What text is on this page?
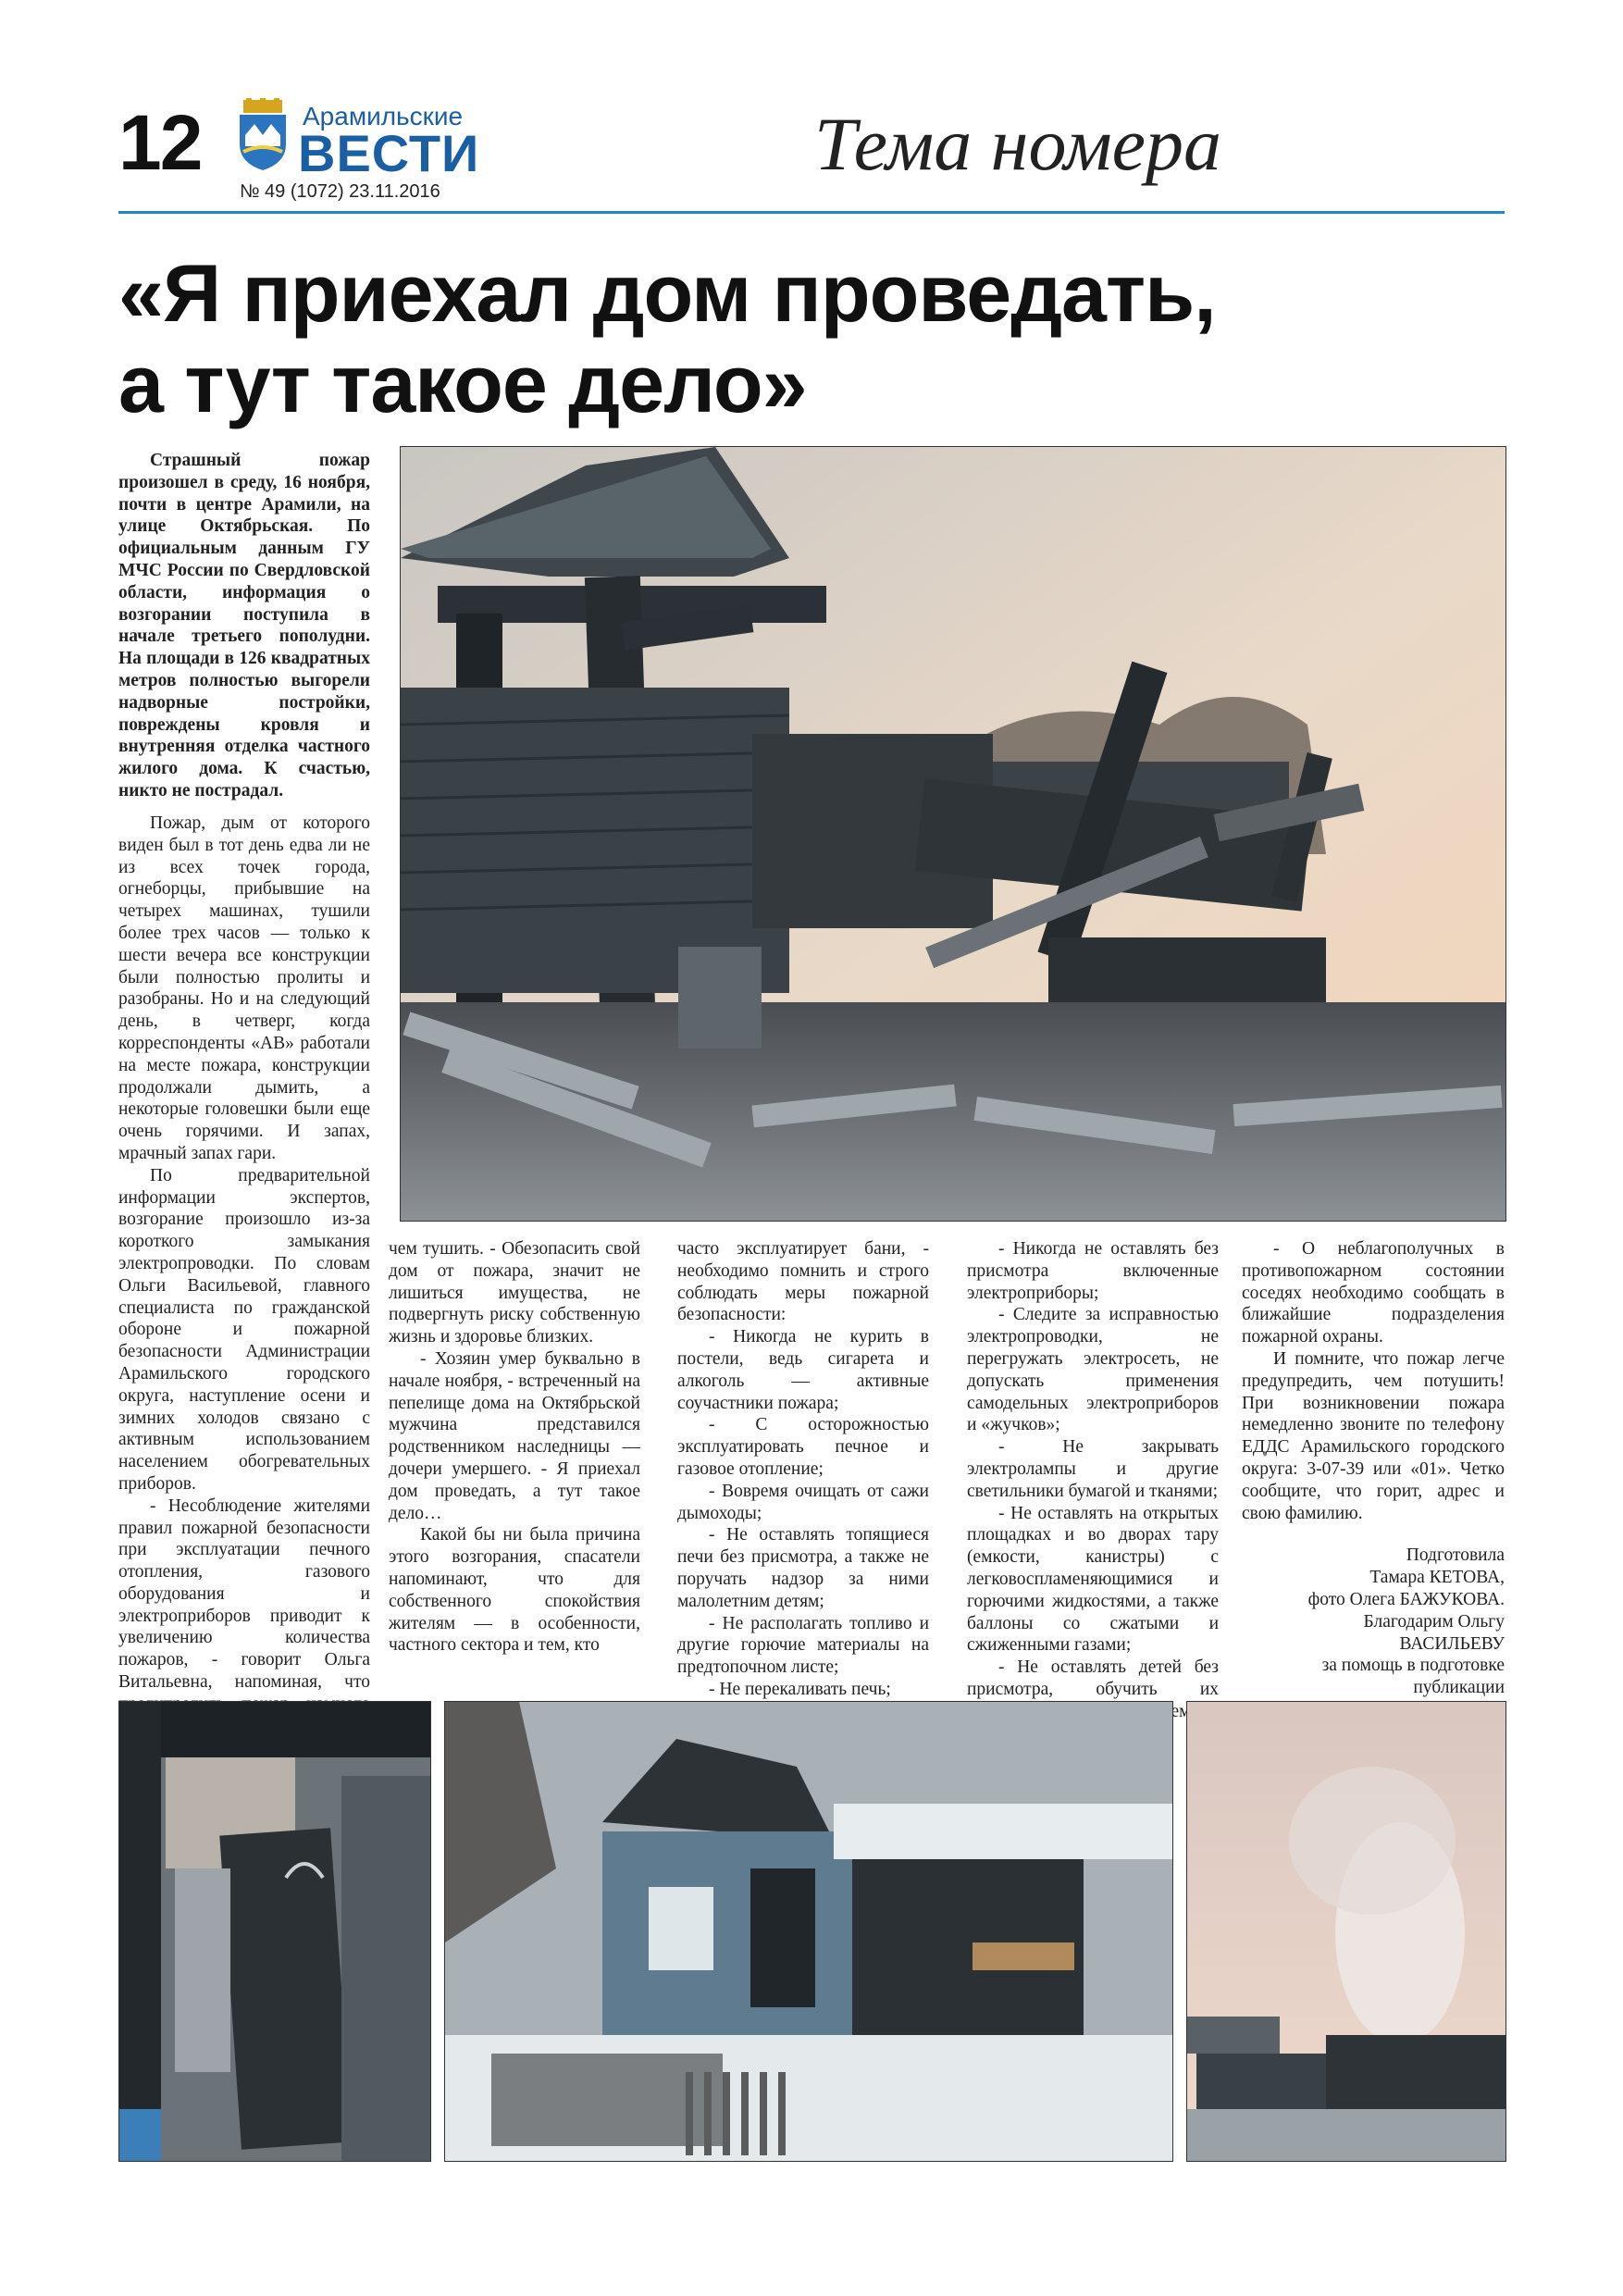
12	Арамильские
ВЕСТИ
№ 49 (1072) 23.11.2016
Тема номера
«Я приехал дом проведать,
а тут такое дело»

Страшный пожар произошел в среду, 16 ноября, почти в центре Арамили, на улице Октябрьская. По официальным данным ГУ МЧС России по Свердловской области, информация о возгорании поступила в начале третьего пополудни. На площади в 126 квадратных метров полностью выгорели надворные постройки, повреждены кровля и внутренняя отделка частного жилого дома. К счастью, никто не пострадал.

Пожар, дым от которого виден был в тот день едва ли не из всех точек города, огнеборцы, прибывшие на четырех машинах, тушили более трех часов — только к шести вечера все конструкции были полностью пролиты и разобраны. Но и на следующий день, в четверг, когда корреспонденты «АВ» работали на месте пожара, конструкции продолжали дымить, а некоторые головешки были еще очень горячими. И запах, мрачный запах гари.

По предварительной информации экспертов, возгорание произошло из-за короткого замыкания электропроводки. По словам Ольги Васильевой, главного специалиста по гражданской обороне и пожарной безопасности Администрации Арамильского городского округа, наступление осени и зимних холодов связано с активным использованием населением обогревательных приборов.

- Несоблюдение жителями правил пожарной безопасности при эксплуатации печного отопления, газового оборудования и электроприборов приводит к увеличению количества пожаров, - говорит Ольга Витальевна, напоминая, что

чем тушить. - Обезопасить свой дом от пожара, значит не лишиться имущества, не подвергнуть риску собственную жизнь и здоровье близких.

- Хозяин умер буквально в начале ноября, - встреченный на пепелище дома на Октябрьской мужчина представился родственником наследницы — дочери умершего. - Я приехал дом проведать, а тут такое дело…

Какой бы ни была причина этого возгорания, спасатели напоминают, что для собственного спокойствия жителям — в особенности, частного сектора и тем, кто

часто эксплуатирует бани, - необходимо помнить и строго соблюдать меры пожарной безопасности:

- Никогда не курить в постели, ведь сигарета и алкоголь — активные соучастники пожара;

- С осторожностью эксплуатировать печное и газовое отопление;

- Вовремя очищать от сажи дымоходы;

- Не оставлять топящиеся печи без присмотра, а также не поручать надзор за ними малолетним детям;

- Не располагать топливо и другие горючие материалы на предтопочном листе;

- Не перекаливать печь;

- Никогда не оставлять без присмотра включенные электроприборы;

- Следите за исправностью электропроводки, не перегружать электросеть, не допускать применения самодельных электроприборов и «жучков»;

- Не закрывать электролампы и другие светильники бумагой и тканями;

- Не оставлять на открытых площадках и во дворах тару (емкости, канистры) с легковоспламеняющимися и горючими жидкостями, а также баллоны со сжатыми и сжиженными газами;

- Не оставлять детей без присмотра, обучить их

- О неблагополучных в противопожарном состоянии соседях необходимо сообщать в ближайшие подразделения пожарной охраны.

И помните, что пожар легче предупредить, чем потушить! При возникновении пожара немедленно звоните по телефону ЕДДС Арамильского городского округа: 3-07-39 или «01». Четко сообщите, что горит, адрес и свою фамилию.

Подготовила
Тамара КЕТОВА,
фото Олега БАЖУКОВА.
Благодарим Ольгу
ВАСИЛЬЕВУ
за помощь в подготовке
публикации
